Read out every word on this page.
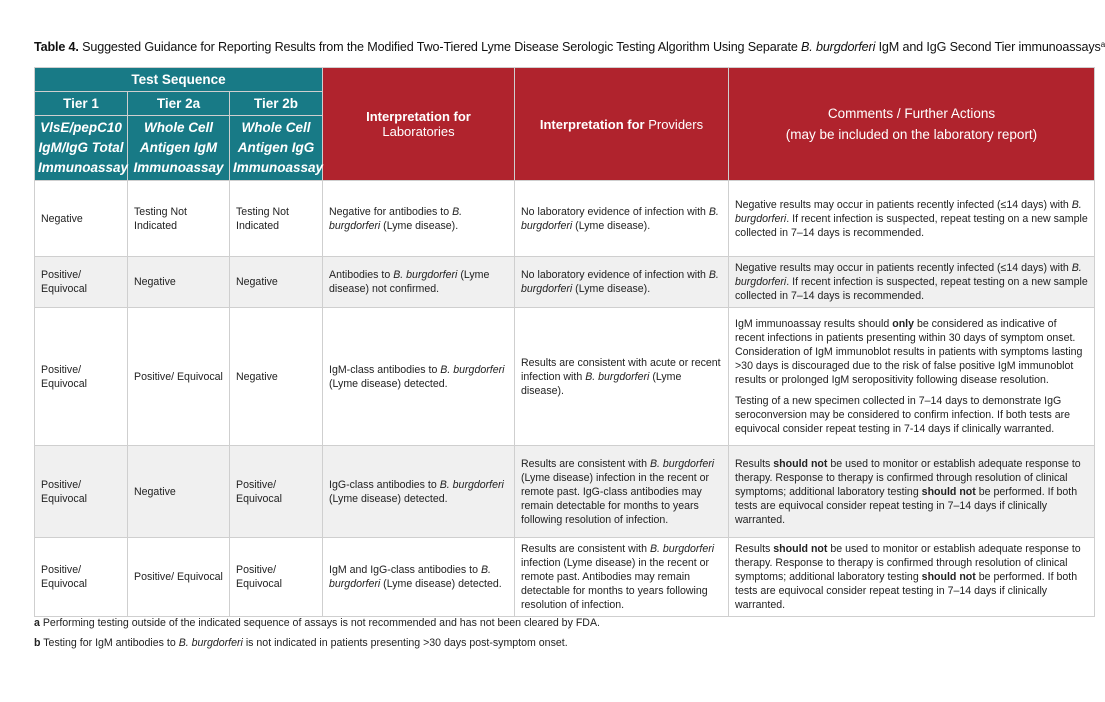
Table 4. Suggested Guidance for Reporting Results from the Modified Two-Tiered Lyme Disease Serologic Testing Algorithm Using Separate B. burgdorferi IgM and IgG Second Tier immunoassays$^a$
Test Sequence			Interpretation for Laboratories	Interpretation for Providers	Comments / Further Actions
(may be included on the laboratory report)

Tier 1	Tier 2a	Tier 2b			
VlsE/pepC10 IgM/IgG Total Immunoassay	Whole Cell Antigen IgM Immunoassay	Whole Cell Antigen IgG Immunoassay			
Negative	Testing Not Indicated	Testing Not Indicated	Negative for antibodies to B. burgdorferi (Lyme disease).	No laboratory evidence of infection with B. burgdorferi (Lyme disease).	Negative results may occur in patients recently infected (≤14 days) with B. burgdorferi. If recent infection is suspected, repeat testing on a new sample collected in 7–14 days is recommended.
Positive/ Equivocal	Negative	Negative	Antibodies to B. burgdorferi (Lyme disease) not confirmed.	No laboratory evidence of infection with B. burgdorferi (Lyme disease).	Negative results may occur in patients recently infected (≤14 days) with B. burgdorferi. If recent infection is suspected, repeat testing on a new sample collected in 7–14 days is recommended.
Positive/ Equivocal	Positive/ Equivocal	Negative	IgM-class antibodies to B. burgdorferi (Lyme disease) detected.	Results are consistent with acute or recent infection with B. burgdorferi (Lyme disease).	IgM immunoassay results should only be considered as indicative of recent infections in patients presenting within 30 days of symptom onset. Consideration of IgM immunoblot results in patients with symptoms lasting >30 days is discouraged due to the risk of false positive IgM immunoblot results or prolonged IgM seropositivity following disease resolution.
Testing of a new specimen collected in 7–14 days to demonstrate IgG seroconversion may be considered to confirm infection. If both tests are equivocal consider repeat testing in 7-14 days if clinically warranted.

Positive/ Equivocal	Negative	Positive/ Equivocal	IgG-class antibodies to B. burgdorferi (Lyme disease) detected.	Results are consistent with B. burgdorferi (Lyme disease) infection in the recent or remote past. IgG-class antibodies may remain detectable for months to years following resolution of infection.	Results should not be used to monitor or establish adequate response to therapy. Response to therapy is confirmed through resolution of clinical symptoms; additional laboratory testing should not be performed. If both tests are equivocal consider repeat testing in 7–14 days if clinically warranted.
Positive/ Equivocal	Positive/ Equivocal	Positive/ Equivocal	IgM and IgG-class antibodies to B. burgdorferi (Lyme disease) detected.	Results are consistent with B. burgdorferi infection (Lyme disease) in the recent or remote past. Antibodies may remain detectable for months to years following resolution of infection.	Results should not be used to monitor or establish adequate response to therapy. Response to therapy is confirmed through resolution of clinical symptoms; additional laboratory testing should not be performed. If both tests are equivocal consider repeat testing in 7–14 days if clinically warranted.
a Performing testing outside of the indicated sequence of assays is not recommended and has not been cleared by FDA.
b Testing for IgM antibodies to B. burgdorferi is not indicated in patients presenting >30 days post-symptom onset.
